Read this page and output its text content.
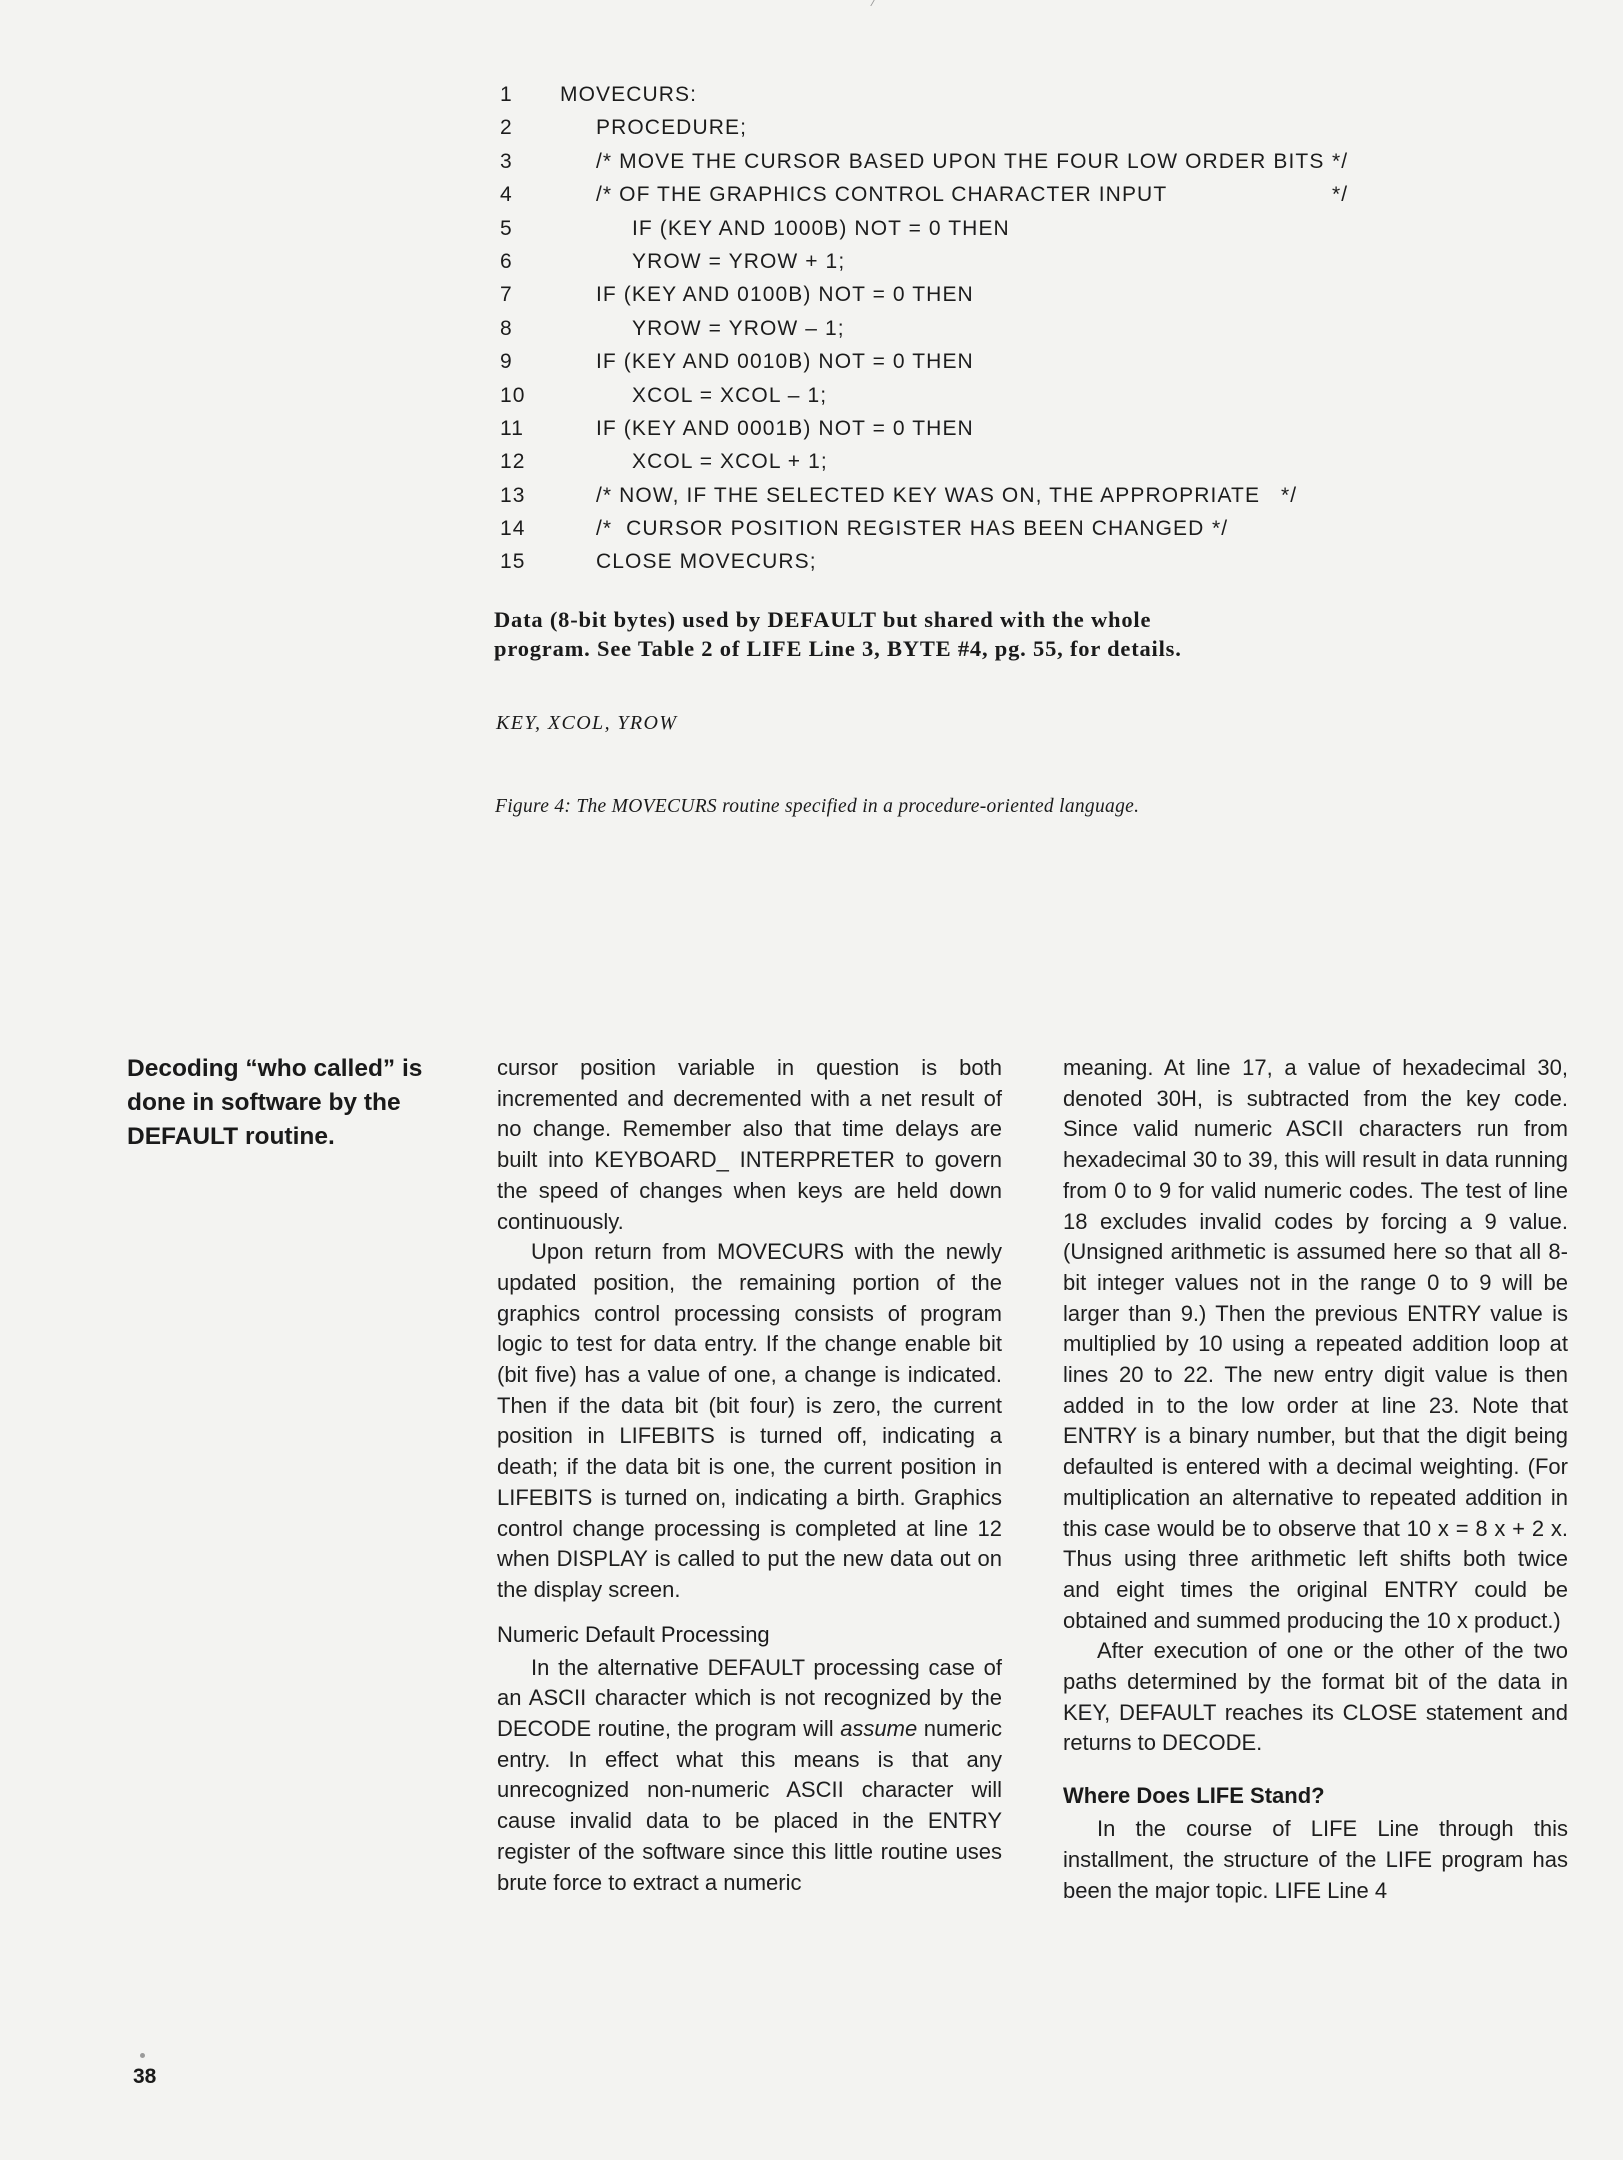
1	MOVECURS:
2	PROCEDURE;
3	/* MOVE THE CURSOR BASED UPON THE FOUR LOW ORDER BITS */
4	/* OF THE GRAPHICS CONTROL CHARACTER INPUT	*/
5	IF (KEY AND 1000B) NOT = 0 THEN
6	YROW = YROW + 1;
7	IF (KEY AND 0100B) NOT = 0 THEN
8	YROW = YROW – 1;
9	IF (KEY AND 0010B) NOT = 0 THEN
10	XCOL = XCOL – 1;
11	IF (KEY AND 0001B) NOT = 0 THEN
12	XCOL = XCOL + 1;
13	/* NOW, IF THE SELECTED KEY WAS ON, THE APPROPRIATE */
14	/*  CURSOR POSITION REGISTER HAS BEEN CHANGED */
15	CLOSE MOVECURS;

Data (8-bit bytes) used by DEFAULT but shared with the whole program. See Table 2 of LIFE Line 3, BYTE #4, pg. 55, for details.

KEY, XCOL, YROW

Figure 4: The MOVECURS routine specified in a procedure-oriented language.

Decoding “who called” is done in software by the DEFAULT routine.

cursor position variable in question is both incremented and decremented with a net result of no change. Remember also that time delays are built into KEYBOARD_ INTERPRETER to govern the speed of changes when keys are held down continuously.

Upon return from MOVECURS with the newly updated position, the remaining portion of the graphics control processing consists of program logic to test for data entry. If the change enable bit (bit five) has a value of one, a change is indicated. Then if the data bit (bit four) is zero, the current position in LIFEBITS is turned off, indicating a death; if the data bit is one, the current position in LIFEBITS is turned on, indicating a birth. Graphics control change processing is completed at line 12 when DISPLAY is called to put the new data out on the display screen.

Numeric Default Processing

In the alternative DEFAULT processing case of an ASCII character which is not recognized by the DECODE routine, the program will assume numeric entry. In effect what this means is that any unrecognized non-numeric ASCII character will cause invalid data to be placed in the ENTRY register of the software since this little routine uses brute force to extract a numeric

meaning. At line 17, a value of hexadecimal 30, denoted 30H, is subtracted from the key code. Since valid numeric ASCII characters run from hexadecimal 30 to 39, this will result in data running from 0 to 9 for valid numeric codes. The test of line 18 excludes invalid codes by forcing a 9 value. (Unsigned arithmetic is assumed here so that all 8-bit integer values not in the range 0 to 9 will be larger than 9.) Then the previous ENTRY value is multiplied by 10 using a repeated addition loop at lines 20 to 22. The new entry digit value is then added in to the low order at line 23. Note that ENTRY is a binary number, but that the digit being defaulted is entered with a decimal weighting. (For multiplication an alternative to repeated addition in this case would be to observe that 10 x = 8 x + 2 x. Thus using three arithmetic left shifts both twice and eight times the original ENTRY could be obtained and summed producing the 10 x product.)

After execution of one or the other of the two paths determined by the format bit of the data in KEY, DEFAULT reaches its CLOSE statement and returns to DECODE.

Where Does LIFE Stand?

In the course of LIFE Line through this installment, the structure of the LIFE program has been the major topic. LIFE Line 4

38
